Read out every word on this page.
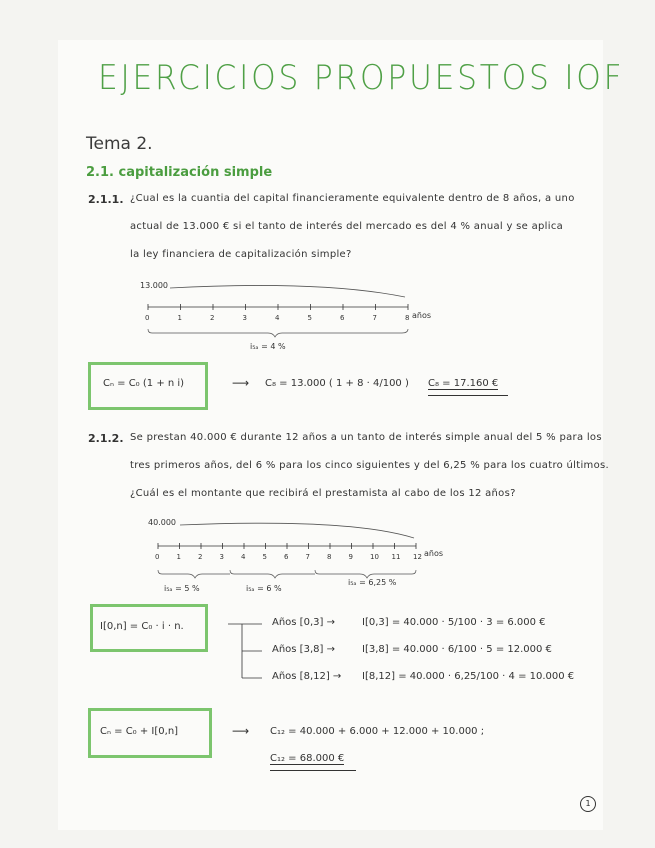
EJERCICIOS PROPUESTOS IOF
Tema 2.
2.1. capitalización simple
2.1.1. ¿Cual es la cuantia del capital financieramente equivalente dentro de 8 años, a uno
actual de 13.000 € si el tanto de interés del mercado es del 4 % anual y se aplica
la ley financiera de capitalización simple?
13.000
0	1	2	3	4	5	6	7	8 años
i₅ₐ = 4 %
Cₙ = C₀ (1 + n i)	⟶ C₈ = 13.000 ( 1 + 8 · 4/100 ) C₈ = 17.160 €
2.1.2. Se prestan 40.000 € durante 12 años a un tanto de interés simple anual del 5 % para los
tres primeros años, del 6 % para los cinco siguientes y del 6,25 % para los cuatro últimos.
¿Cuál es el montante que recibirá el prestamista al cabo de los 12 años?
40.000
0 1 2 3 4 5 6 7 8 9 10 11 12 años
i₅ₐ = 5 %	i₅ₐ = 6 %
i₅ₐ = 6,25 %
I[0,n] = C₀ · i · n.	Años [0,3] →	I[0,3] = 40.000 · 5/100 · 3 = 6.000 €
Años [3,8] →	I[3,8] = 40.000 · 6/100 · 5 = 12.000 €
Años [8,12] → I[8,12] = 40.000 · 6,25/100 · 4 = 10.000 €
Cₙ = C₀ + I[0,n]	⟶ C₁₂ = 40.000 + 6.000 + 12.000 + 10.000 ;
C₁₂ = 68.000 €
1
